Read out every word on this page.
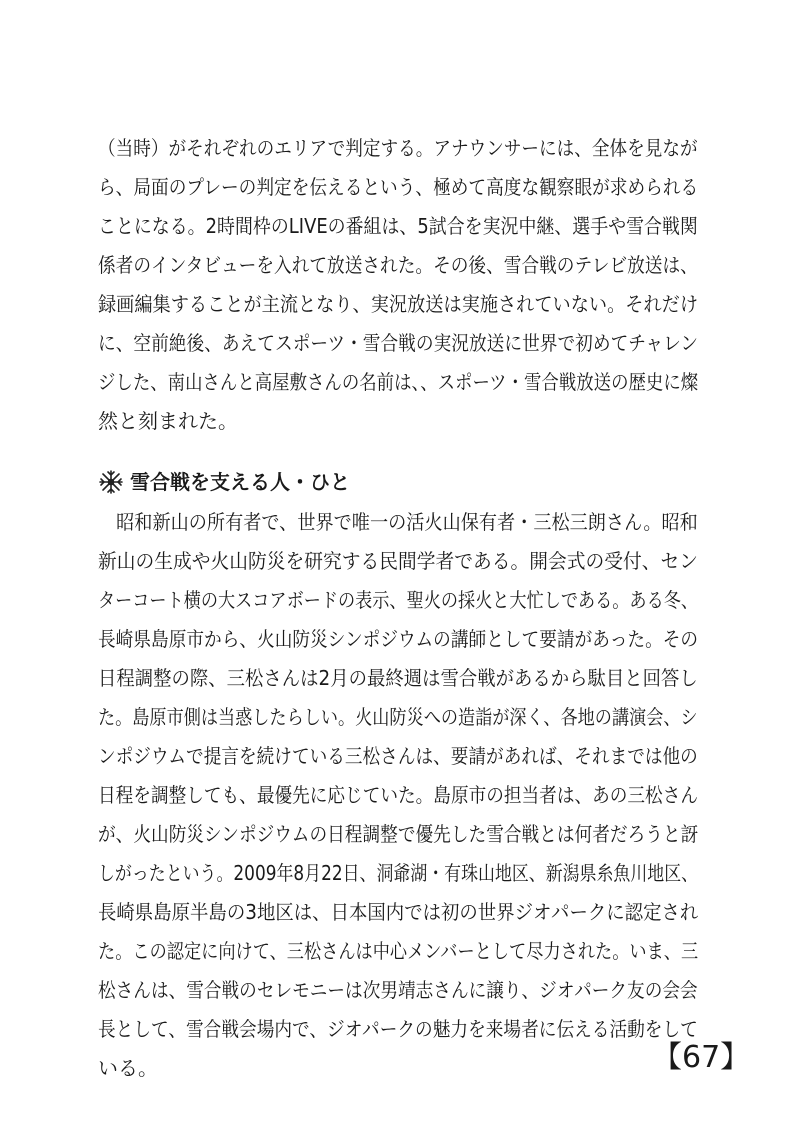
（当時）がそれぞれのエリアで判定する。アナウンサーには、全体を見なが
ら、局面のプレーの判定を伝えるという、極めて高度な観察眼が求められる
ことになる。2時間枠のLIVEの番組は、5試合を実況中継、選手や雪合戦関
係者のインタビューを入れて放送された。その後、雪合戦のテレビ放送は、
録画編集することが主流となり、実況放送は実施されていない。それだけ
に、空前絶後、あえてスポーツ・雪合戦の実況放送に世界で初めてチャレン
ジした、南山さんと高屋敷さんの名前は、、スポーツ・雪合戦放送の歴史に燦
然と刻まれた。
雪合戦を支える人・ひと
　昭和新山の所有者で、世界で唯一の活火山保有者・三松三朗さん。昭和
新山の生成や火山防災を研究する民間学者である。開会式の受付、セン
ターコート横の大スコアボードの表示、聖火の採火と大忙しである。ある冬、
長崎県島原市から、火山防災シンポジウムの講師として要請があった。その
日程調整の際、三松さんは2月の最終週は雪合戦があるから駄目と回答し
た。島原市側は当惑したらしい。火山防災への造詣が深く、各地の講演会、シ
ンポジウムで提言を続けている三松さんは、要請があれば、それまでは他の
日程を調整しても、最優先に応じていた。島原市の担当者は、あの三松さん
が、火山防災シンポジウムの日程調整で優先した雪合戦とは何者だろうと訝
しがったという。2009年8月22日、洞爺湖・有珠山地区、新潟県糸魚川地区、
長崎県島原半島の3地区は、日本国内では初の世界ジオパークに認定され
た。この認定に向けて、三松さんは中心メンバーとして尽力された。いま、三
松さんは、雪合戦のセレモニーは次男靖志さんに譲り、ジオパーク友の会会
長として、雪合戦会場内で、ジオパークの魅力を来場者に伝える活動をして
いる。	【67】
